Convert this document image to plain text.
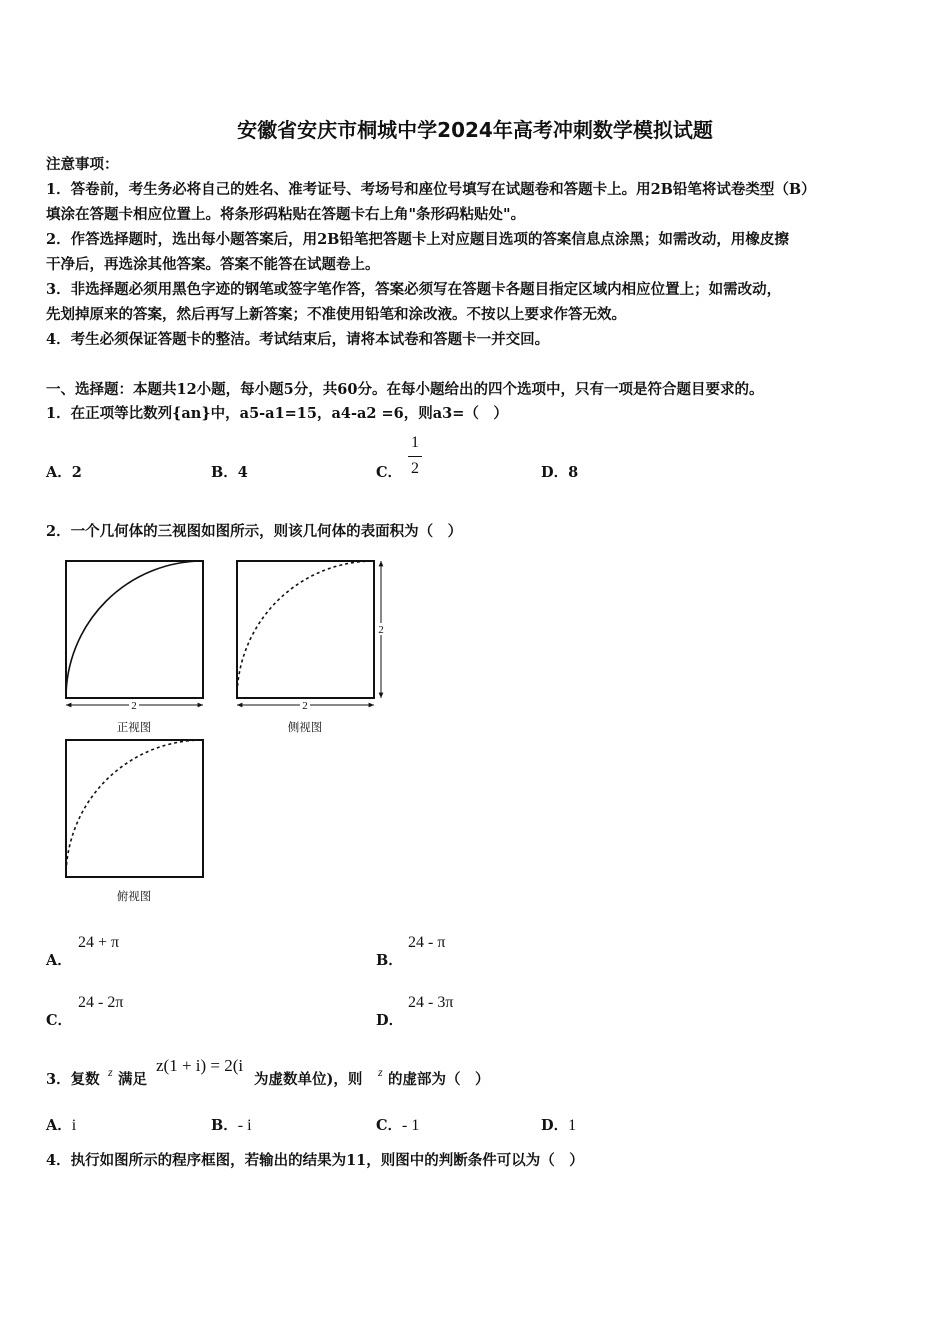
安徽省安庆市桐城中学2024年高考冲刺数学模拟试题
注意事项：
1．答卷前，考生务必将自己的姓名、准考证号、考场号和座位号填写在试题卷和答题卡上。用2B铅笔将试卷类型（B）
填涂在答题卡相应位置上。将条形码粘贴在答题卡右上角"条形码粘贴处"。
2．作答选择题时，选出每小题答案后，用2B铅笔把答题卡上对应题目选项的答案信息点涂黑；如需改动，用橡皮擦
干净后，再选涂其他答案。答案不能答在试题卷上。
3．非选择题必须用黑色字迹的钢笔或签字笔作答，答案必须写在答题卡各题目指定区域内相应位置上；如需改动，
先划掉原来的答案，然后再写上新答案；不准使用铅笔和涂改液。不按以上要求作答无效。
4．考生必须保证答题卡的整洁。考试结束后，请将本试卷和答题卡一并交回。
一、选择题：本题共12小题，每小题5分，共60分。在每小题给出的四个选项中，只有一项是符合题目要求的。
1．在正项等比数列{an}中，a5-a1=15，a4-a2 =6，则a3=（　）
A．2	B．4	C．
1
2	D．8
2．一个几何体的三视图如图所示，则该几何体的表面积为（　）
2
正视图
2
2
侧视图
俯视图
A．
24 + π
B．
24 - π
C．
24 - 2π
D．
24 - 3π
3．复数 z 满足
z(1 + i) = 2(i
为虚数单位)，则 z 的虚部为（　）
A．i	B．- i	C．- 1	D．1
4．执行如图所示的程序框图，若输出的结果为11，则图中的判断条件可以为（　）
